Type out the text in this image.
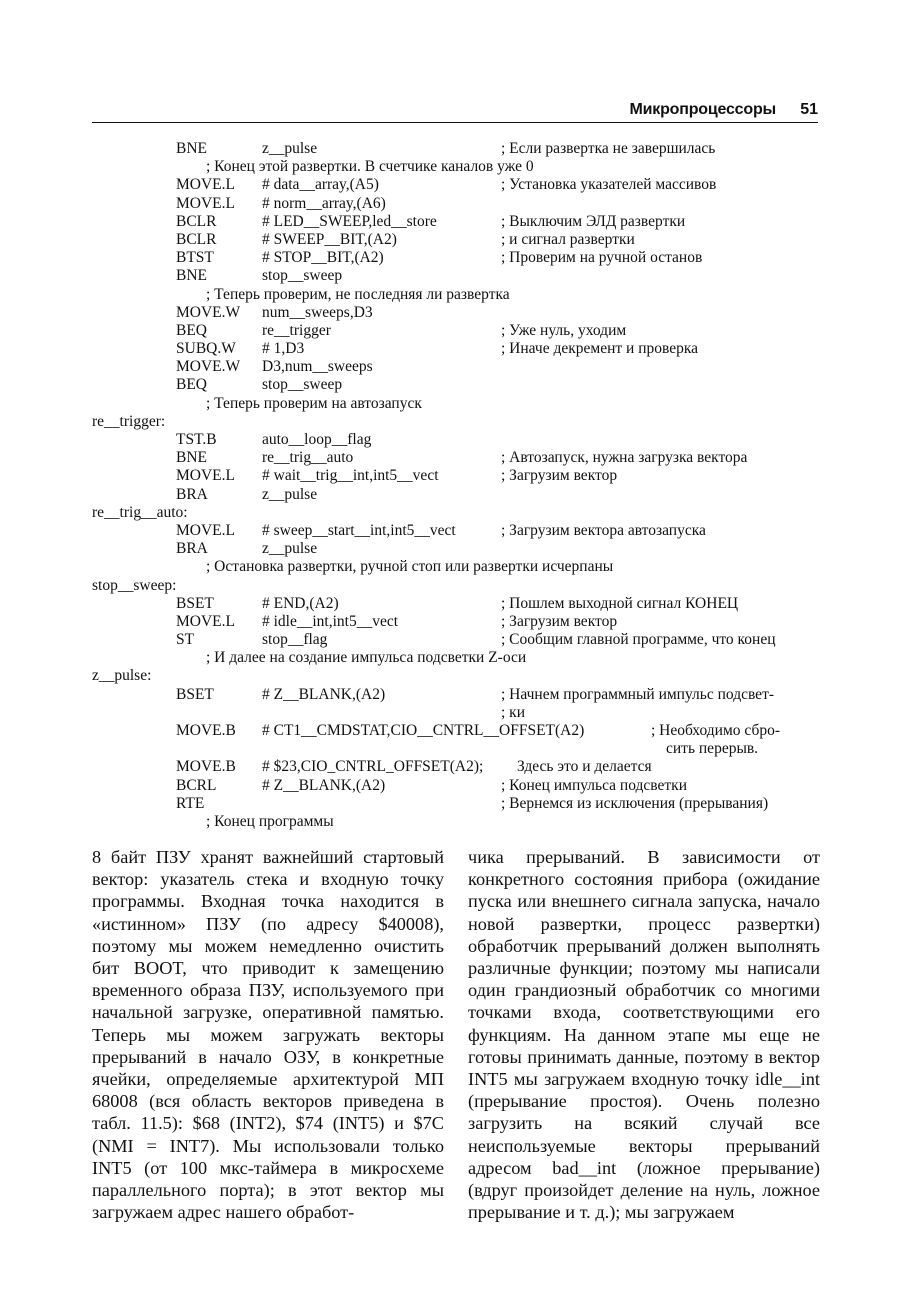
Микропроцессоры 51
BNE	z__pulse	; Если развертка не завершилась
; Конец этой развертки. В счетчике каналов уже 0
MOVE.L # data__array,(A5)	; Установка указателей массивов
MOVE.L # norm__array,(A6)
BCLR	# LED__SWEEP,led__store	; Выключим ЭЛД развертки
BCLR	# SWEEP__BIT,(A2)	; и сигнал развертки
BTST	# STOP__BIT,(A2)	; Проверим на ручной останов
BNE	stop__sweep
; Теперь проверим, не последняя ли развертка
MOVE.W num__sweeps,D3
BEQ	re__trigger	; Уже нуль, уходим
SUBQ.W # 1,D3	; Иначе декремент и проверка
MOVE.W D3,num__sweeps
BEQ	stop__sweep
; Теперь проверим на автозапуск
re__trigger:
TST.B	auto__loop__flag
BNE	re__trig__auto	; Автозапуск, нужна загрузка вектора
MOVE.L # wait__trig__int,int5__vect	; Загрузим вектор
BRA	z__pulse
re__trig__auto:
MOVE.L # sweep__start__int,int5__vect	; Загрузим вектора автозапуска
BRA	z__pulse
; Остановка развертки, ручной стоп или развертки исчерпаны
stop__sweep:
BSET	# END,(A2)	; Пошлем выходной сигнал КОНЕЦ
MOVE.L # idle__int,int5__vect	; Загрузим вектор
ST	stop__flag	; Сообщим главной программе, что конец
; И далее на создание импульса подсветки Z-оси
z__pulse:
BSET	# Z__BLANK,(A2)	; Начнем программный импульс подсвет-
; ки
MOVE.B # CT1__CMDSTAT,CIO__CNTRL__OFFSET(A2)	; Необходимо сбро-
сить перерыв.
MOVE.B # $23,CIO_CNTRL_OFFSET(A2); Здесь это и делается
BCRL	# Z__BLANK,(A2)	; Конец импульса подсветки
RTE	; Вернемся из исключения (прерывания)
; Конец программы

8 байт ПЗУ хранят важнейший стартовый вектор: указатель стека и входную точку программы. Входная точка находится в «истинном» ПЗУ (по адресу $40008), поэтому мы можем немедленно очистить бит BOOT, что приводит к замещению временного образа ПЗУ, используемого при начальной загрузке, оперативной памятью. Теперь мы можем загружать векторы прерываний в начало ОЗУ, в конкретные ячейки, определяемые архитектурой МП 68008 (вся область векторов приведена в табл. 11.5): $68 (INT2), $74 (INT5) и $7C (NMI = INT7). Мы использовали только INT5 (от 100 мкс-таймера в микросхеме параллельного порта); в этот вектор мы загружаем адрес нашего обработ-

чика прерываний. В зависимости от конкретного состояния прибора (ожидание пуска или внешнего сигнала запуска, начало новой развертки, процесс развертки) обработчик прерываний должен выполнять различные функции; поэтому мы написали один грандиозный обработчик со многими точками входа, соответствующими его функциям. На данном этапе мы еще не готовы принимать данные, поэтому в вектор INT5 мы загружаем входную точку idle__int (прерывание простоя). Очень полезно загрузить на всякий случай все неиспользуемые векторы прерываний адресом bad__int (ложное прерывание) (вдруг произойдет деление на нуль, ложное прерывание и т. д.); мы загружаем
